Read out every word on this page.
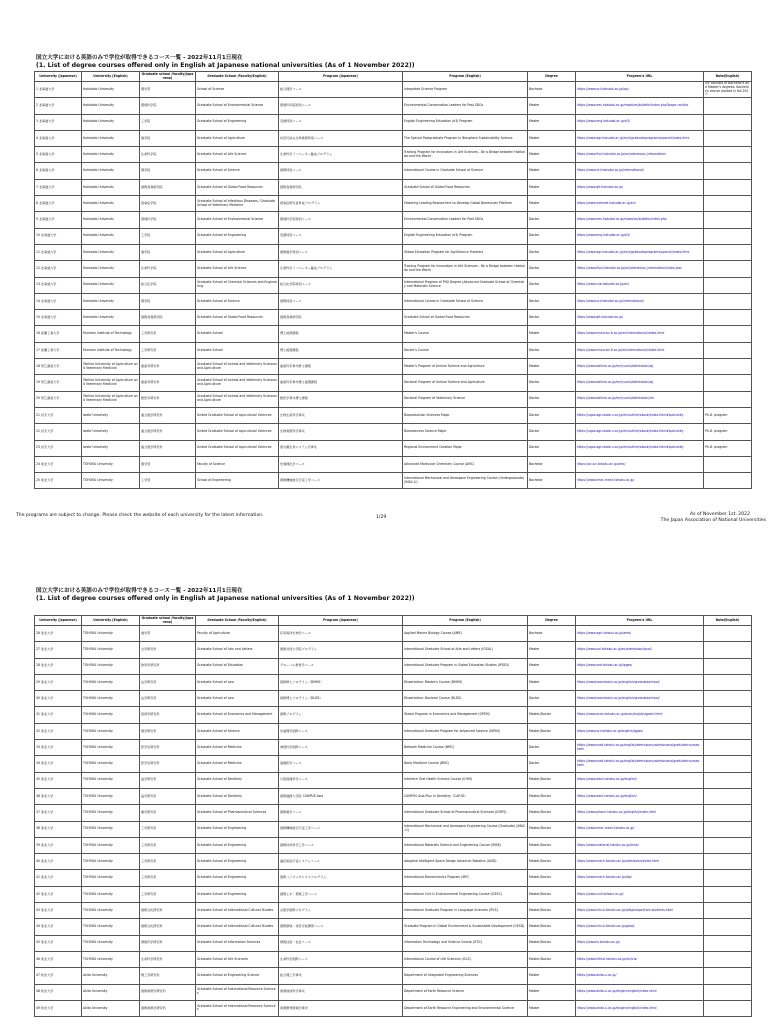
国立大学における英語のみで学位が取得できるコース一覧 - 2022年11月1日現在
(1. List of degree courses offered only in English at Japanese national universities (As of 1 November 2022))
University (Japanese)	University (English)	Graduate school /faculty(Japanese)	Graduate School /Faculty(English)	Program (Japanese)	Program (English)	Degree	Program's URL	Note(English)
1 北海道大学	Hokkaido University	理学部	School of Science	総合理学コース	Integrated Science Program	Bachelor	https://www.sci.hokudai.ac.jp/isp/	ISP consists of Bachelor's and Master's degrees. Bachelor's course started in fall 2017.
2 北海道大学	Hokkaido University	環境科学院	Graduate School of Environmental Science	環境科学院特別コース	Environmental Conservation Leaders for Post SDGs	Master	https://www.ees.hokudai.ac.jp/modules/bulletin/index.php?page=article	
3 北海道大学	Hokkaido University	工学院	Graduate School of Engineering	英語特別コース	English Engineering Education (e3) Program	Master	https://www.eng.hokudai.ac.jp/e3/	
4 北海道大学	Hokkaido University	農学院	Graduate School of Agriculture	持続可能な生物資源特別コース	The Special Postgraduate Program in Biosphere Sustainability Science	Master	https://www.agr.hokudai.ac.jp/en/r/graduateprograms/special/index.html	
5 北海道大学	Hokkaido University	生命科学院	Graduate School of Life Science	生命科学イノベーター養成プログラム	Training Program for Innovators in Life Sciences - Be a Bridge between Hokkaido and the World -	Master	https://www.lfsci.hokudai.ac.jp/en/admission_information/	
6 北海道大学	Hokkaido University	理学院	Graduate School of Science	国際特別コース	International Course in Graduate School of Science	Master	https://www.sci.hokudai.ac.jp/international/	
7 北海道大学	Hokkaido University	国際食資源学院	Graduate School of Global Food Resources	国際食資源学院	Graduate School of Global Food Resources	Master	https://www.gfr.hokudai.ac.jp/	
8 北海道大学	Hokkaido University	感染症学院	Graduate School of Infectious Diseases / Graduate School of Veterinary Medicine	感染症研究者育成プログラム	Fostering Leading Researchers to Develop Global Biorescues Platform	Master	https://www.vetmed.hokudai.ac.jp/en/	
9 北海道大学	Hokkaido University	環境科学院	Graduate School of Environmental Science	環境科学院特別コース	Environmental Conservation Leaders for Post SDGs	Doctor	https://www.ees.hokudai.ac.jp/modules/bulletin/index.php	
10 北海道大学	Hokkaido University	工学院	Graduate School of Engineering	英語特別コース	English Engineering Education (e3) Program	Doctor	https://www.eng.hokudai.ac.jp/e3/	
11 北海道大学	Hokkaido University	農学院	Graduate School of Agriculture	国際農学特別コース	Global Education Program for AgriScience Frontiers	Doctor	https://www.agr.hokudai.ac.jp/en/r/graduateprograms/special/index.html	
12 北海道大学	Hokkaido University	生命科学院	Graduate School of Life Science	生命科学イノベーター養成プログラム	Training Program for Innovators in Life Sciences - Be a Bridge between Hokkaido and the World -	Doctor	https://www.lfsci.hokudai.ac.jp/en/admission_information/index.php	
13 北海道大学	Hokkaido University	総合化学院	Graduate School of Chemical Sciences and Engineering	総合化学院特別コース	International Program of PhD Degree (Advanced Graduate School of Chemistry and Materials Science	Doctor	https://www.cse.hokudai.ac.jp/en/	
14 北海道大学	Hokkaido University	理学院	Graduate School of Science	国際特別コース	International Course in Graduate School of Science	Doctor	https://www.sci.hokudai.ac.jp/international/	
15 北海道大学	Hokkaido University	国際食資源学院	Graduate School of Global Food Resources	国際食資源学院	Graduate School of Global Food Resources	Doctor	https://www.gfr.hokudai.ac.jp/	
16 室蘭工業大学	Muroran Institute of Technology	工学研究科	Graduate School	博士前期課程	Master's Course	Master	https://www.muroran-it.ac.jp/en/international/index.html	
17 室蘭工業大学	Muroran Institute of Technology	工学研究科	Graduate School	博士後期課程	Doctor's Course	Doctor	https://www.muroran-it.ac.jp/en/international/index.html	
18 帯広畜産大学	Obihiro University of Agriculture and Veterinary Medicine	畜産学研究科	Graduate School of Animal and Veterinary Sciences and Agriculture	畜産科学専攻修士課程	Master's Program of Animal Science and Agriculture	Master	https://www.obihiro.ac.jp/en/nyushi/admission/ag	
19 帯広畜産大学	Obihiro University of Agriculture and Veterinary Medicine	畜産学研究科	Graduate School of Animal and Veterinary Sciences and Agriculture	畜産科学専攻博士後期課程	Doctoral Program of Animal Science and Agriculture	Doctor	https://www.obihiro.ac.jp/en/nyushi/admission/ag	
20 帯広畜産大学	Obihiro University of Agriculture and Veterinary Medicine	獣医学研究科	Graduate School of Animal and Veterinary Sciences and Agriculture	獣医学専攻博士課程	Doctoral Program of Veterinary Science	Doctor	https://www.obihiro.ac.jp/en/nyushi/admission/vm	
21 岩手大学	Iwate University	連合農学研究科	United Graduate School of Agricultural Sciences	生物生産科学専攻	Bioproduction Sciences Major	Doctor	https://ugas.agr.iwate-u.ac.jp/en/outline/about/index.html#speciality	Ph.D. program
22 岩手大学	Iwate University	連合農学研究科	United Graduate School of Agricultural Sciences	生物資源科学専攻	Bioresources Science Major	Doctor	https://ugas.agr.iwate-u.ac.jp/en/outline/about/index.html#speciality	Ph.D. program
23 岩手大学	Iwate University	連合農学研究科	United Graduate School of Agricultural Sciences	寒冷圏生命システム学専攻	Regional Environment Creation Major	Doctor	https://ugas.agr.iwate-u.ac.jp/en/outline/about/index.html#speciality	Ph.D. program
24 東北大学	TOHOKU University	理学部	Faculty of Science	先進理化学コース	Advanced Molecular Chemistry Course (AMC)	Bachelor	https://ac.sci.tohoku.ac.jp/amc/	
25 東北大学	TOHOKU University	工学部	School of Engineering	国際機械航空宇宙工学コース	International Mechanical and Aerospace Engineering Course (Undergraduate) (IMAC-U)	Bachelor	https://www.imac.mech.tohoku.ac.jp/	
The programs are subject to change. Please check the website of each university for the latest information.	1/29
As of November 1st, 2022
The Japan Association of National Universities
国立大学における英語のみで学位が取得できるコース一覧 - 2022年11月1日現在
(1. List of degree courses offered only in English at Japanese national universities (As of 1 November 2022))
University (Japanese)	University (English)	Graduate school /faculty(Japanese)	Graduate School /Faculty(English)	Program (Japanese)	Program (English)	Degree	Program's URL	Note(English)
26 東北大学	TOHOKU University	農学部	Faculty of Agriculture	応用海洋生物学コース	Applied Marine Biology Course (AMB)	Bachelor	https://www.agri.tohoku.ac.jp/amb/	
27 東北大学	TOHOKU University	文学研究科	Graduate School of Arts and Letters	国際共同大学院プログラム	International Graduate School of Arts and Letters (IGSAL)	Master	https://www.sal.tohoku.ac.jp/en/admission/igsal/	
28 東北大学	TOHOKU University	教育学研究科	Graduate School of Education	グローバル教育学コース	International Graduate Program in Global Education Studies (IPGES)	Master	https://www.sed.tohoku.ac.jp/ipges/	
29 東北大学	TOHOKU University	法学研究科	Graduate School of Law	国際修士プログラム（DMHS）	Dissertation: Master's Course (DMHS)	Master	https://www.law.tohoku.ac.jp/english/graduateschool/	
30 東北大学	TOHOKU University	法学研究科	Graduate School of Law	国際博士プログラム（DLDS）	Dissertation: Doctoral Course (DLDS)	Doctor	https://www.law.tohoku.ac.jp/english/graduateschool/	
31 東北大学	TOHOKU University	経済学研究科	Graduate School of Economics and Management	国際プログラム	Global Program in Economics and Management (GPEM)	Master/Doctor	https://www.econ.tohoku.ac.jp/econ/english/gpem.html	
32 東北大学	TOHOKU University	理学研究科	Graduate School of Science	先端理学国際コース	International Graduate Program for Advanced Science (IGPAS)	Master/Doctor	https://www.sci.tohoku.ac.jp/english/igpas/	
33 東北大学	TOHOKU University	医学系研究科	Graduate School of Medicine	神経科学国際コース	Network Medicine Course (NMC)	Doctor	https://www.med.tohoku.ac.jp/english/admissions/admissions/graduatecourses.html	
34 東北大学	TOHOKU University	医学系研究科	Graduate School of Medicine	基礎医学コース	Basic Medicine Course (BMC)	Doctor	https://www.med.tohoku.ac.jp/english/admissions/admissions/graduatecourses.html	
35 東北大学	TOHOKU University	歯学研究科	Graduate School of Dentistry	口腔保健科学コース	Interface Oral Health Science Course (IOHS)	Master/Doctor	https://www.dent.tohoku.ac.jp/english/	
36 東北大学	TOHOKU University	歯学研究科	Graduate School of Dentistry	国際連携大学院 CAMPUS Asia	CAMPUS Asia Plus in Dentistry（CAP-ID）	Master/Doctor	https://www.dent.tohoku.ac.jp/english/	
37 東北大学	TOHOKU University	薬学研究科	Graduate School of Pharmaceutical Sciences	国際薬学コース	International Graduate School of Pharmaceutical Sciences (IGSPS)	Master/Doctor	https://www.pharm.tohoku.ac.jp/english/index.html	
38 東北大学	TOHOKU University	工学研究科	Graduate School of Engineering	国際機械航空宇宙工学コース	International Mechanical and Aerospace Engineering Course (Graduate) (IMAC-G)	Master/Doctor	https://www.imac.mech.tohoku.ac.jp/	
39 東北大学	TOHOKU University	工学研究科	Graduate School of Engineering	国際材料科学工学コース	International Materials Science and Engineering Course (IMSE)	Master/Doctor	https://www.material.tohoku.ac.jp/imse/	
40 東北大学	TOHOKU University	工学研究科	Graduate School of Engineering	適応知能宇宙システムコース	Adaptive Intelligent Space Design based on Robotics (AISD)	Master/Doctor	https://www.mech.tohoku.ac.jp/admission/index.html	
41 東北大学	TOHOKU University	工学研究科	Graduate School of Engineering	国際バイオメカニクスプログラム	International Biomechanics Program (IBP)	Master/Doctor	https://www.mech.tohoku.ac.jp/ibp/	
42 東北大学	TOHOKU University	工学研究科	Graduate School of Engineering	国際土木・環境工学コース	International Civil & Environmental Engineering Course (ICEEC)	Master/Doctor	https://www.civil.tohoku.ac.jp/	
43 東北大学	TOHOKU University	国際文化研究科	Graduate School of International Cultural Studies	言語学国際プログラム	International Graduate Program in Language Sciences (IPLS)	Master/Doctor	https://www.intcul.tohoku.ac.jp/ipls/prospective-students.html	
44 東北大学	TOHOKU University	国際文化研究科	Graduate School of International Cultural Studies	国際環境・持続可能開発コース	Graduate Program in Global Environment & Sustainable Development (GESD)	Master/Doctor	https://www.intcul.tohoku.ac.jp/gesd/	
45 東北大学	TOHOKU University	情報科学研究科	Graduate School of Information Sciences	情報技術・社会コース	Information Technology and Science Course (ITSC)	Master/Doctor	https://www.is.tohoku.ac.jp/	
46 東北大学	TOHOKU University	生命科学研究科	Graduate School of Life Sciences	生命科学国際コース	International Course of Life Sciences (ICLS)	Master/Doctor	https://www.lifesci.tohoku.ac.jp/en/icls/	
47 秋田大学	Akita University	理工学研究科	Graduate School of Engineering Science	総合理工学専攻	Department of Integrated Engineering Sciences	Master	https://www.akita-u.ac.jp/	
48 秋田大学	Akita University	国際資源学研究科	Graduate School of International Resource Sciences	資源地球科学専攻	Department of Earth Resource Science	Master	https://www.akita-u.ac.jp/shigen/english/index.html	
49 秋田大学	Akita University	国際資源学研究科	Graduate School of International Resource Sciences	資源開発環境学専攻	Department of Earth Resource Engineering and Environmental Science	Master	https://www.akita-u.ac.jp/shigen/english/index.html	
